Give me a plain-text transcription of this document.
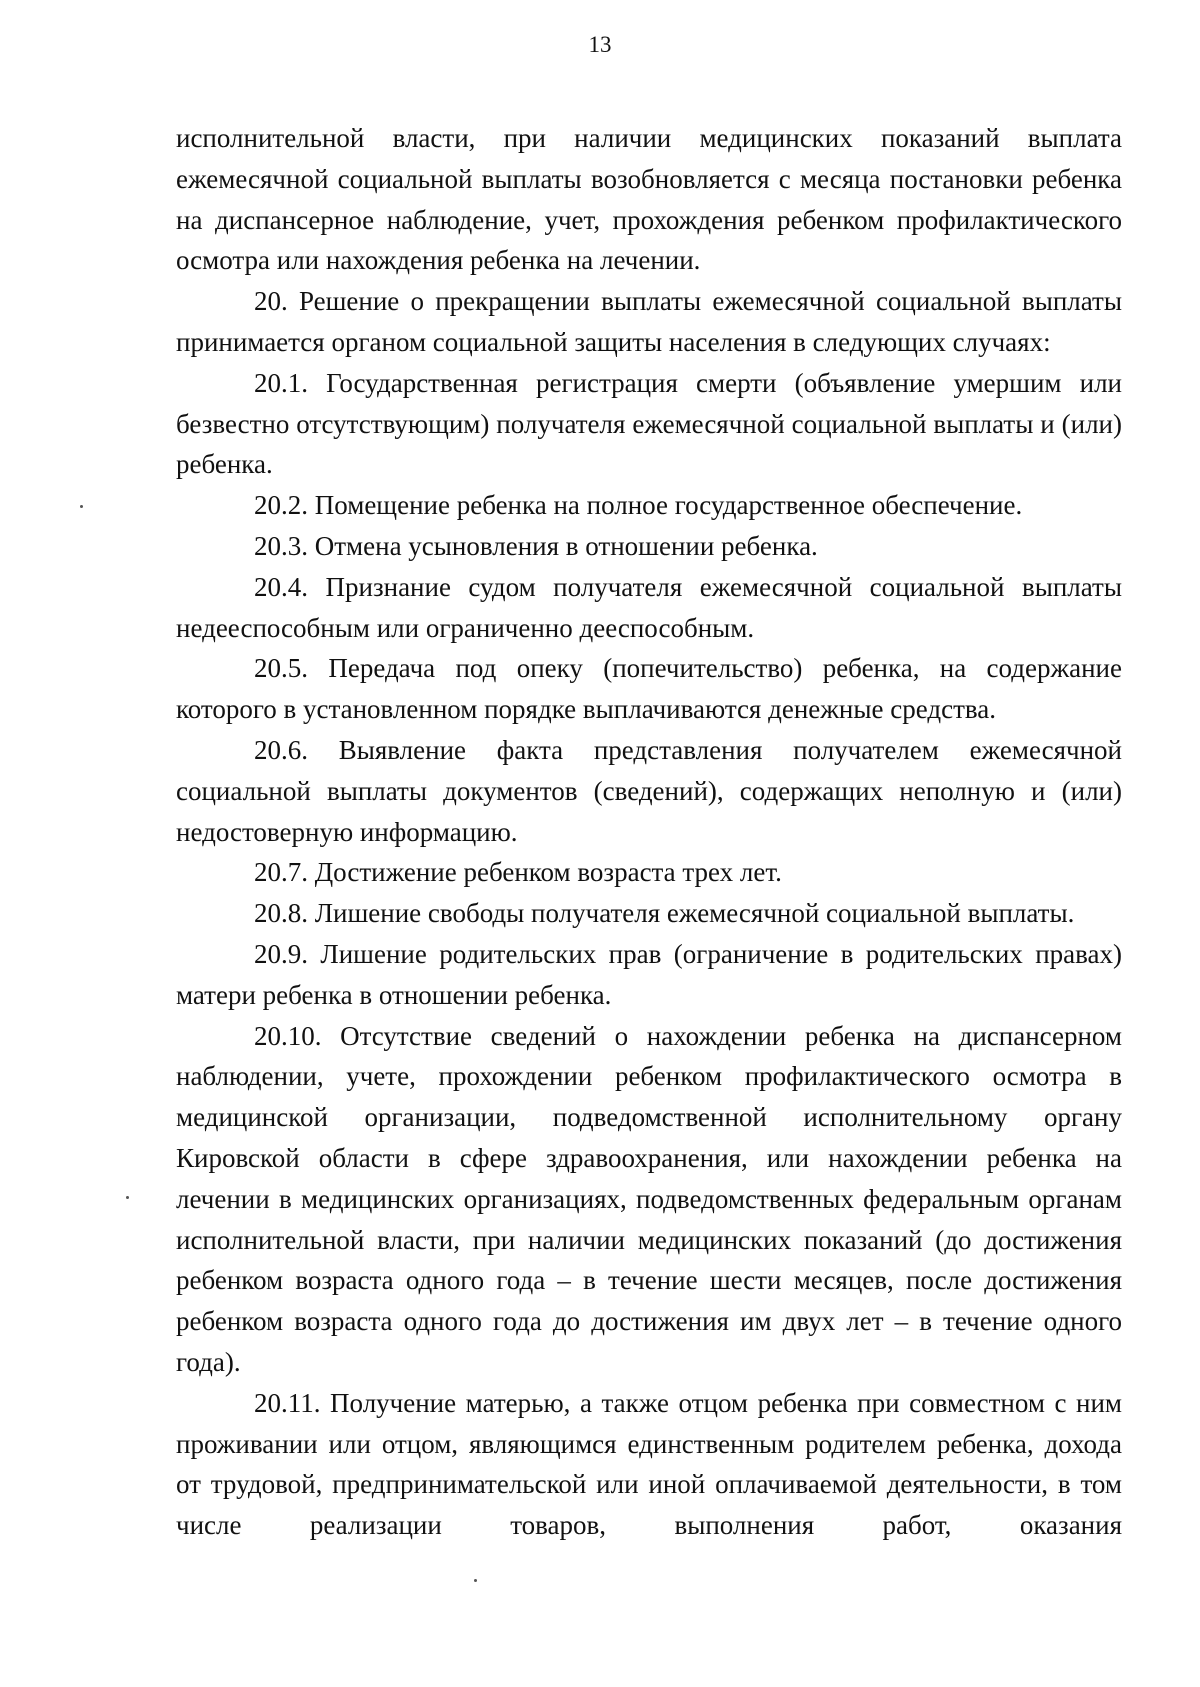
13

исполнительной власти, при наличии медицинских показаний выплата ежемесячной социальной выплаты возобновляется с месяца постановки ребенка на диспансерное наблюдение, учет, прохождения ребенком профилактического осмотра или нахождения ребенка на лечении.

20. Решение о прекращении выплаты ежемесячной социальной выплаты принимается органом социальной защиты населения в следующих случаях:

20.1. Государственная регистрация смерти (объявление умершим или безвестно отсутствующим) получателя ежемесячной социальной выплаты и (или) ребенка.

20.2. Помещение ребенка на полное государственное обеспечение.

20.3. Отмена усыновления в отношении ребенка.

20.4. Признание судом получателя ежемесячной социальной выплаты недееспособным или ограниченно дееспособным.

20.5. Передача под опеку (попечительство) ребенка, на содержание которого в установленном порядке выплачиваются денежные средства.

20.6. Выявление факта представления получателем ежемесячной социальной выплаты документов (сведений), содержащих неполную и (или) недостоверную информацию.

20.7. Достижение ребенком возраста трех лет.

20.8. Лишение свободы получателя ежемесячной социальной выплаты.

20.9. Лишение родительских прав (ограничение в родительских правах) матери ребенка в отношении ребенка.

20.10. Отсутствие сведений о нахождении ребенка на диспансерном наблюдении, учете, прохождении ребенком профилактического осмотра в медицинской организации, подведомственной исполнительному органу Кировской области в сфере здравоохранения, или нахождении ребенка на лечении в медицинских организациях, подведомственных федеральным органам исполнительной власти, при наличии медицинских показаний (до достижения ребенком возраста одного года – в течение шести месяцев, после достижения ребенком возраста одного года до достижения им двух лет – в течение одного года).

20.11. Получение матерью, а также отцом ребенка при совместном с ним проживании или отцом, являющимся единственным родителем ребенка, дохода от трудовой, предпринимательской или иной оплачиваемой деятельности, в том числе реализации товаров, выполнения работ, оказания
